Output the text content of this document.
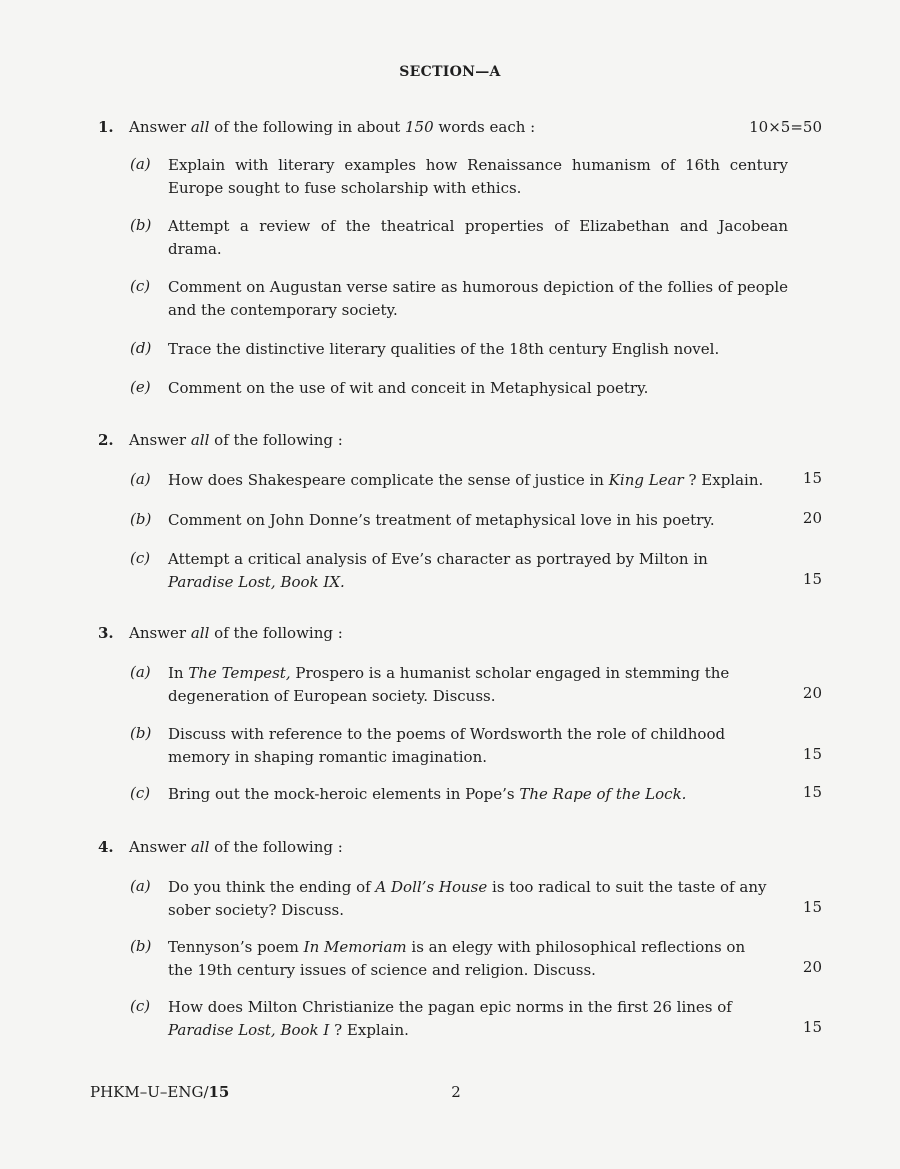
SECTION—A
1. Answer all of the following in about 150 words each :	10×5=50
(a) Explain with literary examples how Renaissance humanism of 16th century Europe sought to fuse scholarship with ethics.
(b) Attempt a review of the theatrical properties of Elizabethan and Jacobean drama.
(c) Comment on Augustan verse satire as humorous depiction of the follies of people and the contemporary society.
(d) Trace the distinctive literary qualities of the 18th century English novel.
(e) Comment on the use of wit and conceit in Metaphysical poetry.
2. Answer all of the following :
(a) How does Shakespeare complicate the sense of justice in King Lear ? Explain.	15
(b) Comment on John Donne’s treatment of metaphysical love in his poetry.	20
(c) Attempt a critical analysis of Eve’s character as portrayed by Milton in Paradise Lost, Book IX.	15
3. Answer all of the following :
(a) In The Tempest, Prospero is a humanist scholar engaged in stemming the degeneration of European society. Discuss.	20
(b) Discuss with reference to the poems of Wordsworth the role of childhood memory in shaping romantic imagination.	15
(c) Bring out the mock-heroic elements in Pope’s The Rape of the Lock.	15
4. Answer all of the following :
(a) Do you think the ending of A Doll’s House is too radical to suit the taste of any sober society? Discuss.	15
(b) Tennyson’s poem In Memoriam is an elegy with philosophical reflections on the 19th century issues of science and religion. Discuss.	20
(c) How does Milton Christianize the pagan epic norms in the first 26 lines of Paradise Lost, Book I ? Explain.	15
PHKM–U–ENG/15	2
